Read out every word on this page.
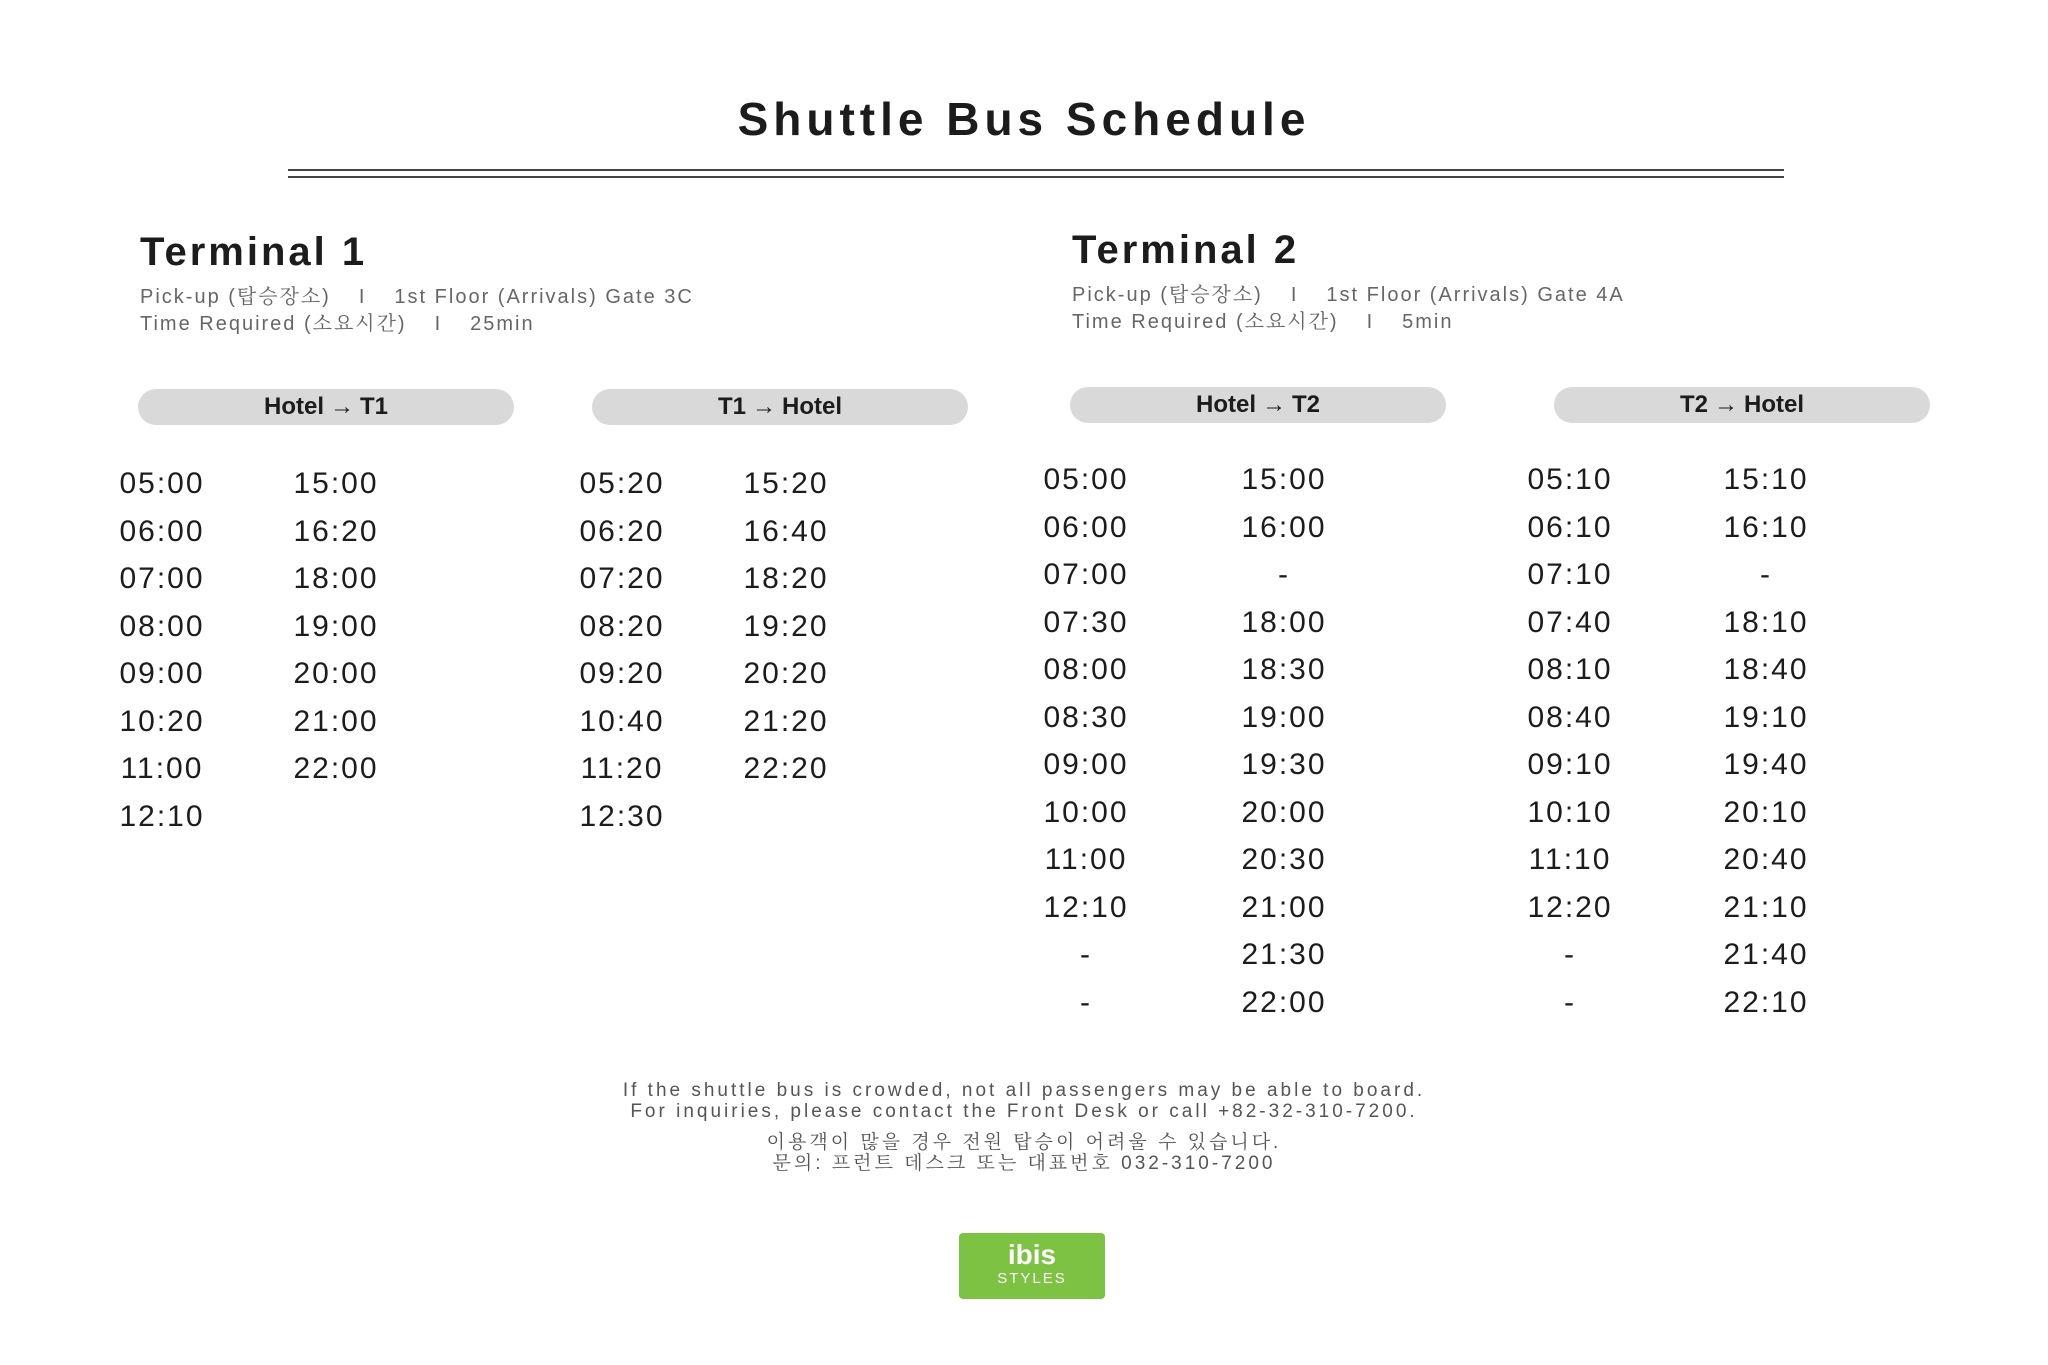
Shuttle Bus Schedule
Terminal 1
Pick-up (탑승장소) I 1st Floor (Arrivals) Gate 3C
Time Required (소요시간) I 25min
Terminal 2
Pick-up (탑승장소) I 1st Floor (Arrivals) Gate 4A
Time Required (소요시간) I 5min
Hotel → T1	T1 → Hotel	Hotel → T2	T2 → Hotel
05:00	15:00
06:00	16:20
07:00	18:00
08:00	19:00
09:00	20:00
10:20	21:00
11:00	22:00
12:10
05:20	15:20
06:20	16:40
07:20	18:20
08:20	19:20
09:20	20:20
10:40	21:20
11:20	22:20
12:30
05:00	15:00
06:00	16:00
07:00	-
07:30	18:00
08:00	18:30
08:30	19:00
09:00	19:30
10:00	20:00
11:00	20:30
12:10	21:00
-	21:30
-	22:00
05:10	15:10
06:10	16:10
07:10	-
07:40	18:10
08:10	18:40
08:40	19:10
09:10	19:40
10:10	20:10
11:10	20:40
12:20	21:10
-	21:40
-	22:10

If the shuttle bus is crowded, not all passengers may be able to board.

For inquiries, please contact the Front Desk or call +82-32-310-7200.

이용객이 많을 경우 전원 탑승이 어려울 수 있습니다.

문의: 프런트 데스크 또는 대표번호 032-310-7200

ibis
STYLES
